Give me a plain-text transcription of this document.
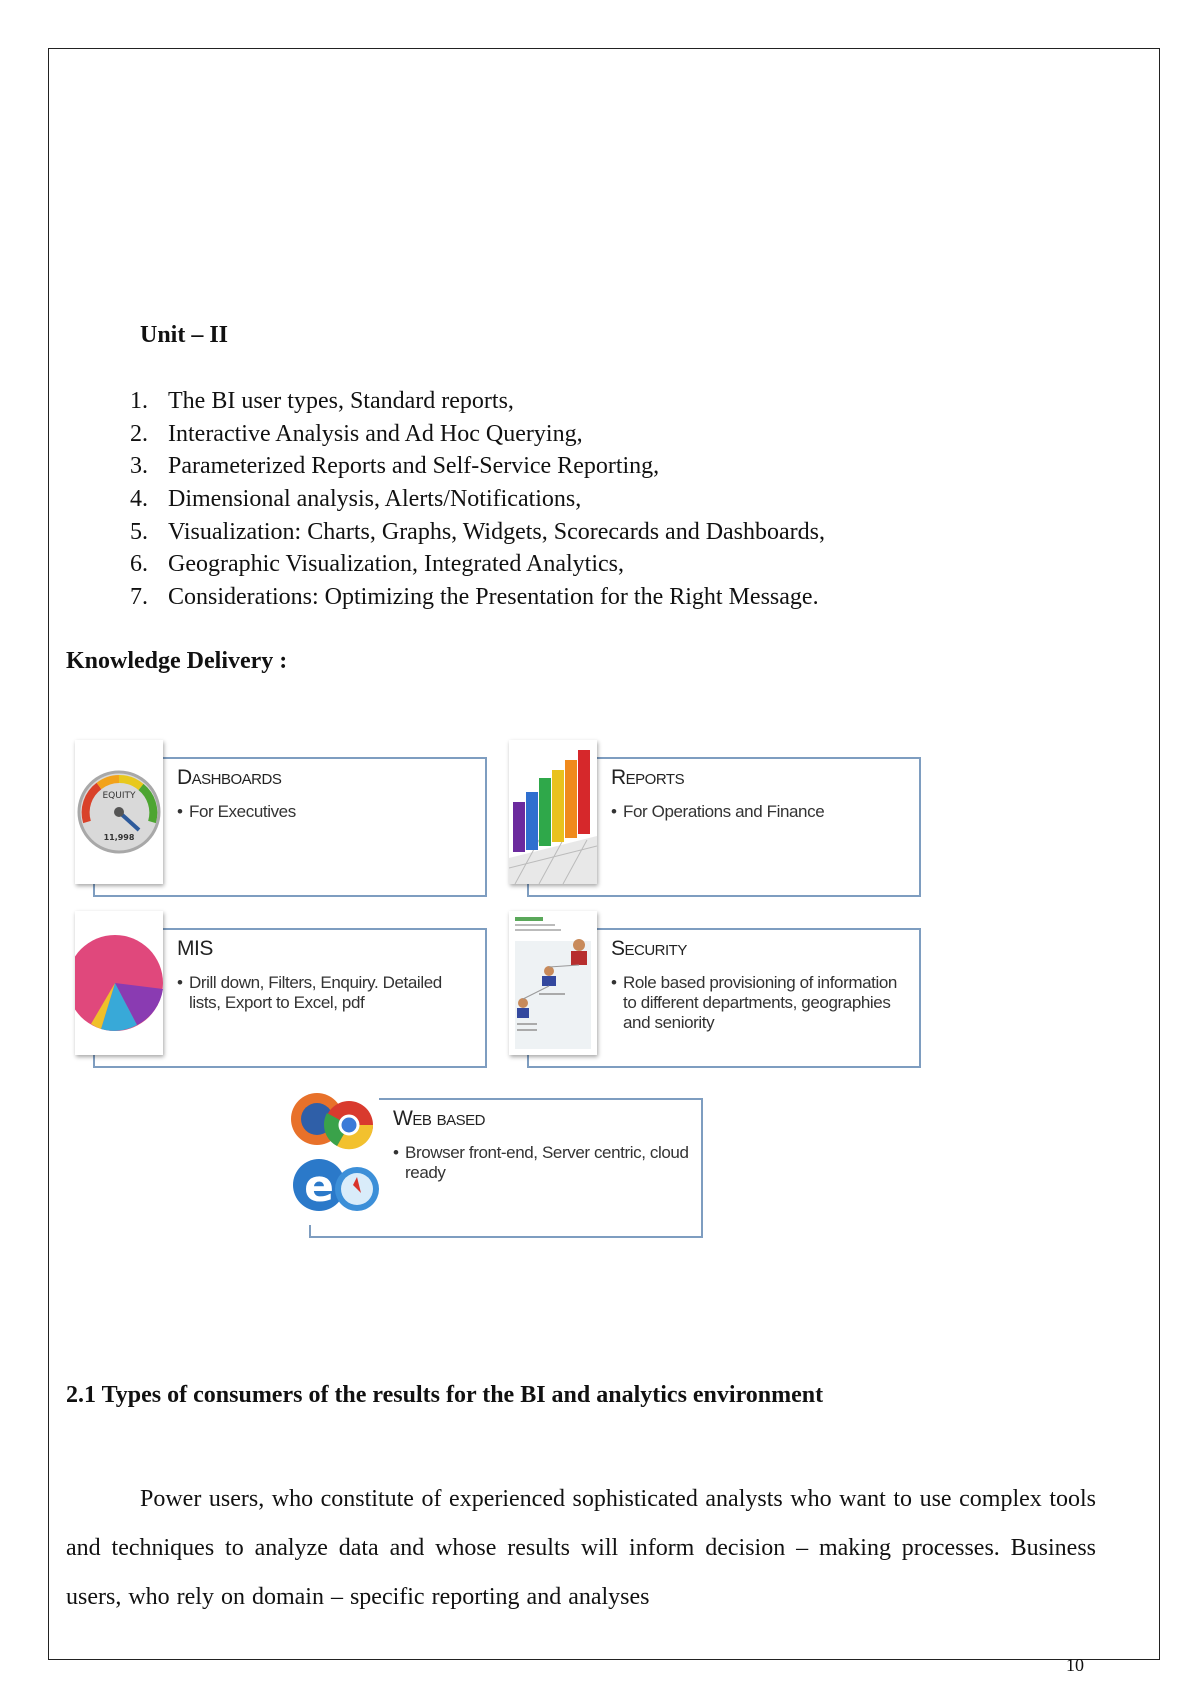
Unit – II
1. The BI user types, Standard reports,
2. Interactive Analysis and Ad Hoc Querying,
3. Parameterized Reports and Self-Service Reporting,
4. Dimensional analysis, Alerts/Notifications,
5. Visualization: Charts, Graphs, Widgets, Scorecards and Dashboards,
6. Geographic Visualization, Integrated Analytics,
7. Considerations: Optimizing the Presentation for the Right Message.
Knowledge Delivery :
EQUITY
11,998
Dashboards
• For Executives
Reports
• For Operations and Finance
MIS
• Drill down, Filters, Enquiry. Detailed lists, Export to Excel, pdf
Security
• Role based provisioning of information to different departments, geographies and seniority
e
Web based
• Browser front-end, Server centric, cloud ready
2.1 Types of consumers of the results for the BI and analytics environment

Power users, who constitute of experienced sophisticated analysts who want to use complex tools and techniques to analyze data and whose results will inform decision – making processes. Business users, who rely on domain – specific reporting and analyses

10
